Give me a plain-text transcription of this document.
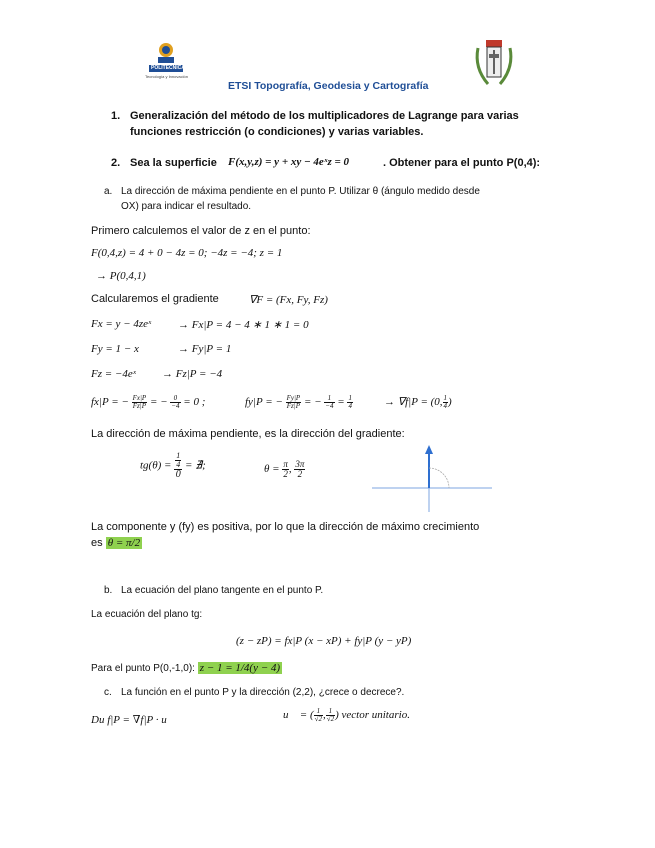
POLITÉCNICA
Tecnología y Innovación
ETSI Topografía, Geodesia y Cartografía
1. Generalización del método de los multiplicadores de Lagrange para varias
funciones restricción (o condiciones) y varias variables.
2. Sea la superficie F(x,y,z) = y + xy − 4eˣz = 0	. Obtener para el punto P(0,4):
a. La dirección de máxima pendiente en el punto P. Utilizar θ (ángulo medido desde
OX) para indicar el resultado.
Primero calculemos el valor de z en el punto:
F(0,4,z) = 4 + 0 − 4z = 0; −4z = −4; z = 1
→ P(0,4,1)
Calcularemos el gradiente	∇F = (Fx, Fy, Fz)
Fx = y − 4zeˣ → Fx|P = 4 − 4 ∗ 1 ∗ 1 = 0
Fy = 1 − x	→ Fy|P = 1
Fz = −4eˣ → Fz|P = −4
fx|P = − $\frac{Fx|P}{Fz|P}$ = − $\frac{0}{-4} = 0$ ;	fy|P = − $\frac{Fy|P}{Fz|P}$ = − $\frac{1}{-4} = \frac{1}{4}$	→ ∇f|P = (0, $\frac{1}{4}$ )
La dirección de máxima pendiente, es la dirección del gradiente:
$tg(\theta) = \frac{\frac{1}{4}}{0}$ = ∄;	$\theta = \frac{\pi}{2}$ , $\frac{3\pi}{2}$
La componente y (fy) es positiva, por lo que la dirección de máximo crecimiento
es θ = π/2
b. La ecuación del plano tangente en el punto P.
La ecuación del plano tg:
(z − zP) = fx|P (x − xP) + fy|P (y − yP)
Para el punto P(0,-1,0): z − 1 = 1/4(y − 4)
c. La función en el punto P y la dirección (2,2), ¿crece o decrece?.
Du f|P = ∇f|P · u⃗	u⃗ = ( $\frac{1}{√2}$ , $\frac{1}{√2}$ ) vector unitario.
